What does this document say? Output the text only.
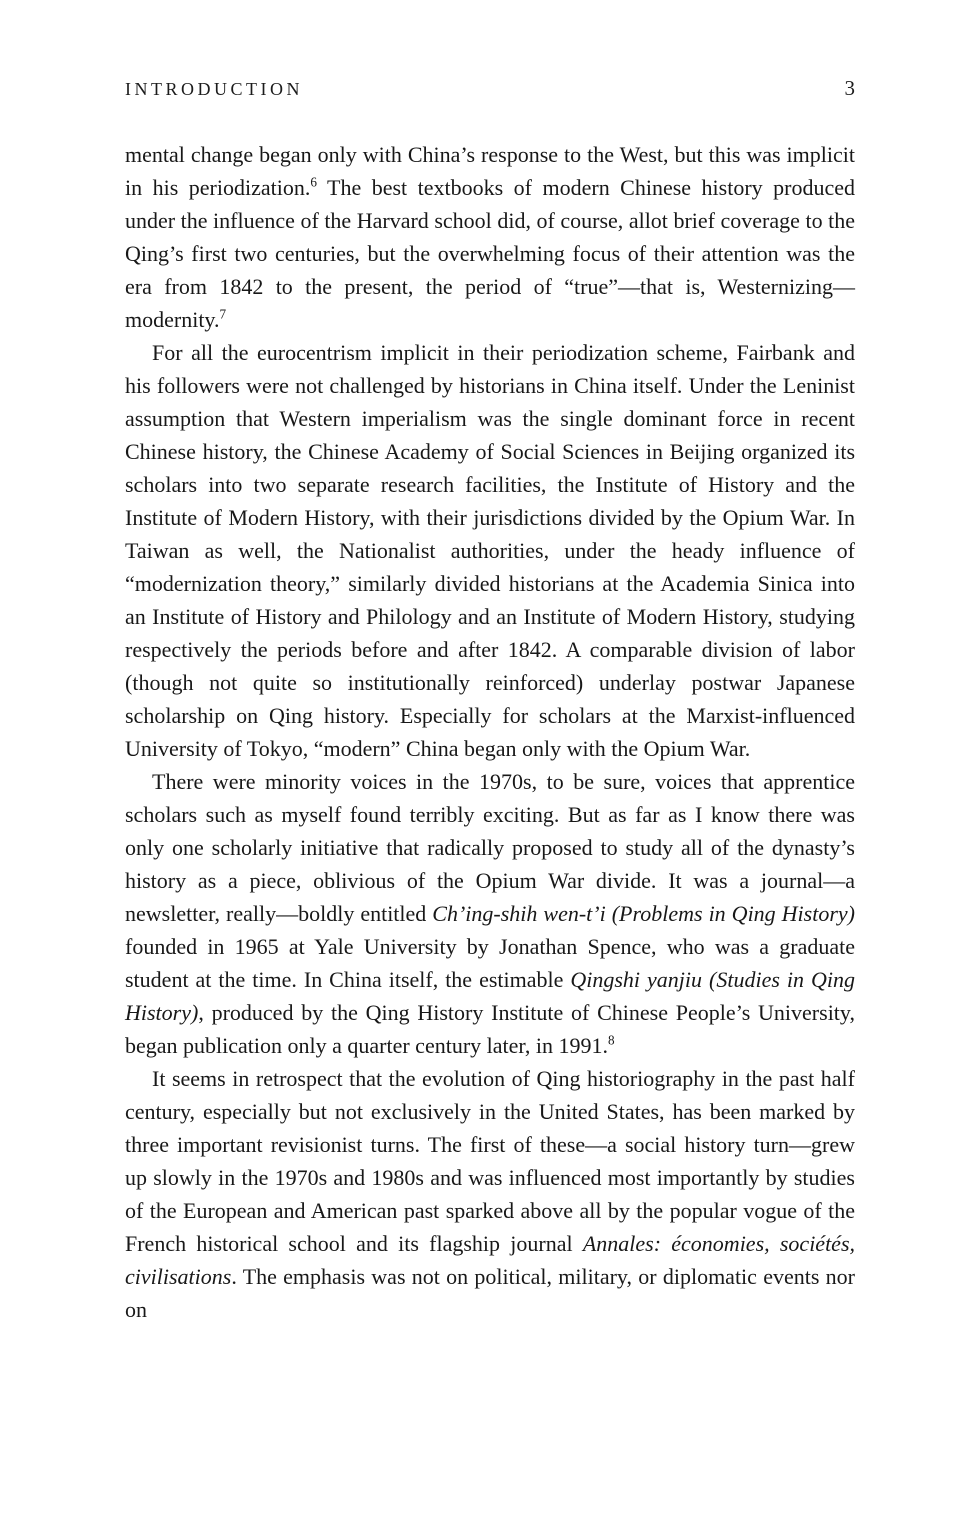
INTRODUCTION	3

mental change began only with China’s response to the West, but this was implicit in his periodization.$^6$ The best textbooks of modern Chinese history produced under the influence of the Harvard school did, of course, allot brief coverage to the Qing’s first two centuries, but the overwhelming focus of their attention was the era from 1842 to the present, the period of “true”—that is, Westernizing—modernity.$^7$

For all the eurocentrism implicit in their periodization scheme, Fairbank and his followers were not challenged by historians in China itself. Under the Leninist assumption that Western imperialism was the single dominant force in recent Chinese history, the Chinese Academy of Social Sciences in Beijing organized its scholars into two separate research facilities, the Institute of History and the Institute of Modern History, with their jurisdictions divided by the Opium War. In Taiwan as well, the Nationalist authorities, under the heady influence of “modernization theory,” similarly divided historians at the Academia Sinica into an Institute of History and Philology and an Institute of Modern History, studying respectively the periods before and after 1842. A comparable division of labor (though not quite so institutionally reinforced) underlay postwar Japanese scholarship on Qing history. Especially for scholars at the Marxist-influenced University of Tokyo, “modern” China began only with the Opium War.

There were minority voices in the 1970s, to be sure, voices that apprentice scholars such as myself found terribly exciting. But as far as I know there was only one scholarly initiative that radically proposed to study all of the dynasty’s history as a piece, oblivious of the Opium War divide. It was a journal—a newsletter, really—boldly entitled Ch’ing-shih wen-t’i (Problems in Qing History) founded in 1965 at Yale University by Jonathan Spence, who was a graduate student at the time. In China itself, the estimable Qingshi yanjiu (Studies in Qing History), produced by the Qing History Institute of Chinese People’s University, began publication only a quarter century later, in 1991.$^8$

It seems in retrospect that the evolution of Qing historiography in the past half century, especially but not exclusively in the United States, has been marked by three important revisionist turns. The first of these—a social history turn—grew up slowly in the 1970s and 1980s and was influenced most importantly by studies of the European and American past sparked above all by the popular vogue of the French historical school and its flagship journal Annales: économies, sociétés, civilisations. The emphasis was not on political, military, or diplomatic events nor on
